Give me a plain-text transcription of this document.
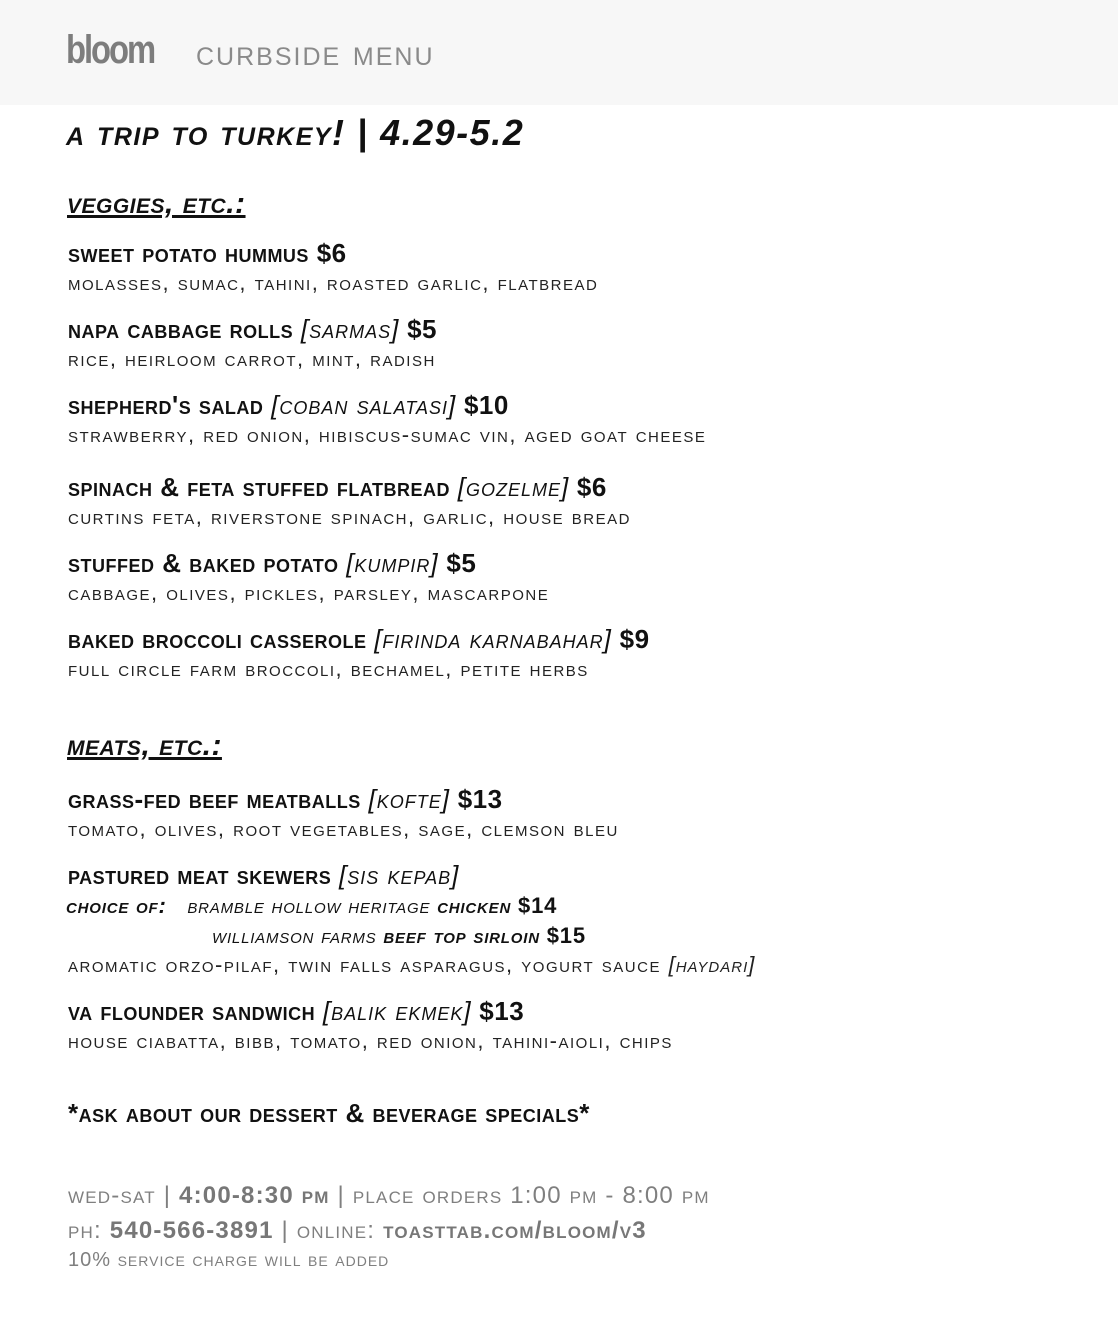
bloom curbside menu
a trip to turkey! | 4.29-5.2
veggies, etc.:
sweet potato hummus $6
molasses, sumac, tahini, roasted garlic, flatbread
napa cabbage rolls [sarmas] $5
rice, heirloom carrot, mint, radish
shepherd's salad [coban salatasi] $10
strawberry, red onion, hibiscus-sumac vin, aged goat cheese
spinach & feta stuffed flatbread [gozelme] $6
curtins feta, riverstone spinach, garlic, house bread
stuffed & baked potato [kumpir] $5
cabbage, olives, pickles, parsley, mascarpone
baked broccoli casserole [firinda karnabahar] $9
full circle farm broccoli, bechamel, petite herbs
meats, etc.:
grass-fed beef meatballs [kofte] $13
tomato, olives, root vegetables, sage, clemson bleu
pastured meat skewers [sis kepab]
choice of: bramble hollow heritage chicken $14
williamson farms beef top sirloin $15
aromatic orzo-pilaf, twin falls asparagus, yogurt sauce [haydari]
va flounder sandwich [balik ekmek] $13
house ciabatta, bibb, tomato, red onion, tahini-aioli, chips
*ask about our dessert & beverage specials*
wed-sat | 4:00-8:30 pm | place orders 1:00 pm - 8:00 pm
ph: 540-566-3891 | online: toasttab.com/bloom/v3
10% service charge will be added
